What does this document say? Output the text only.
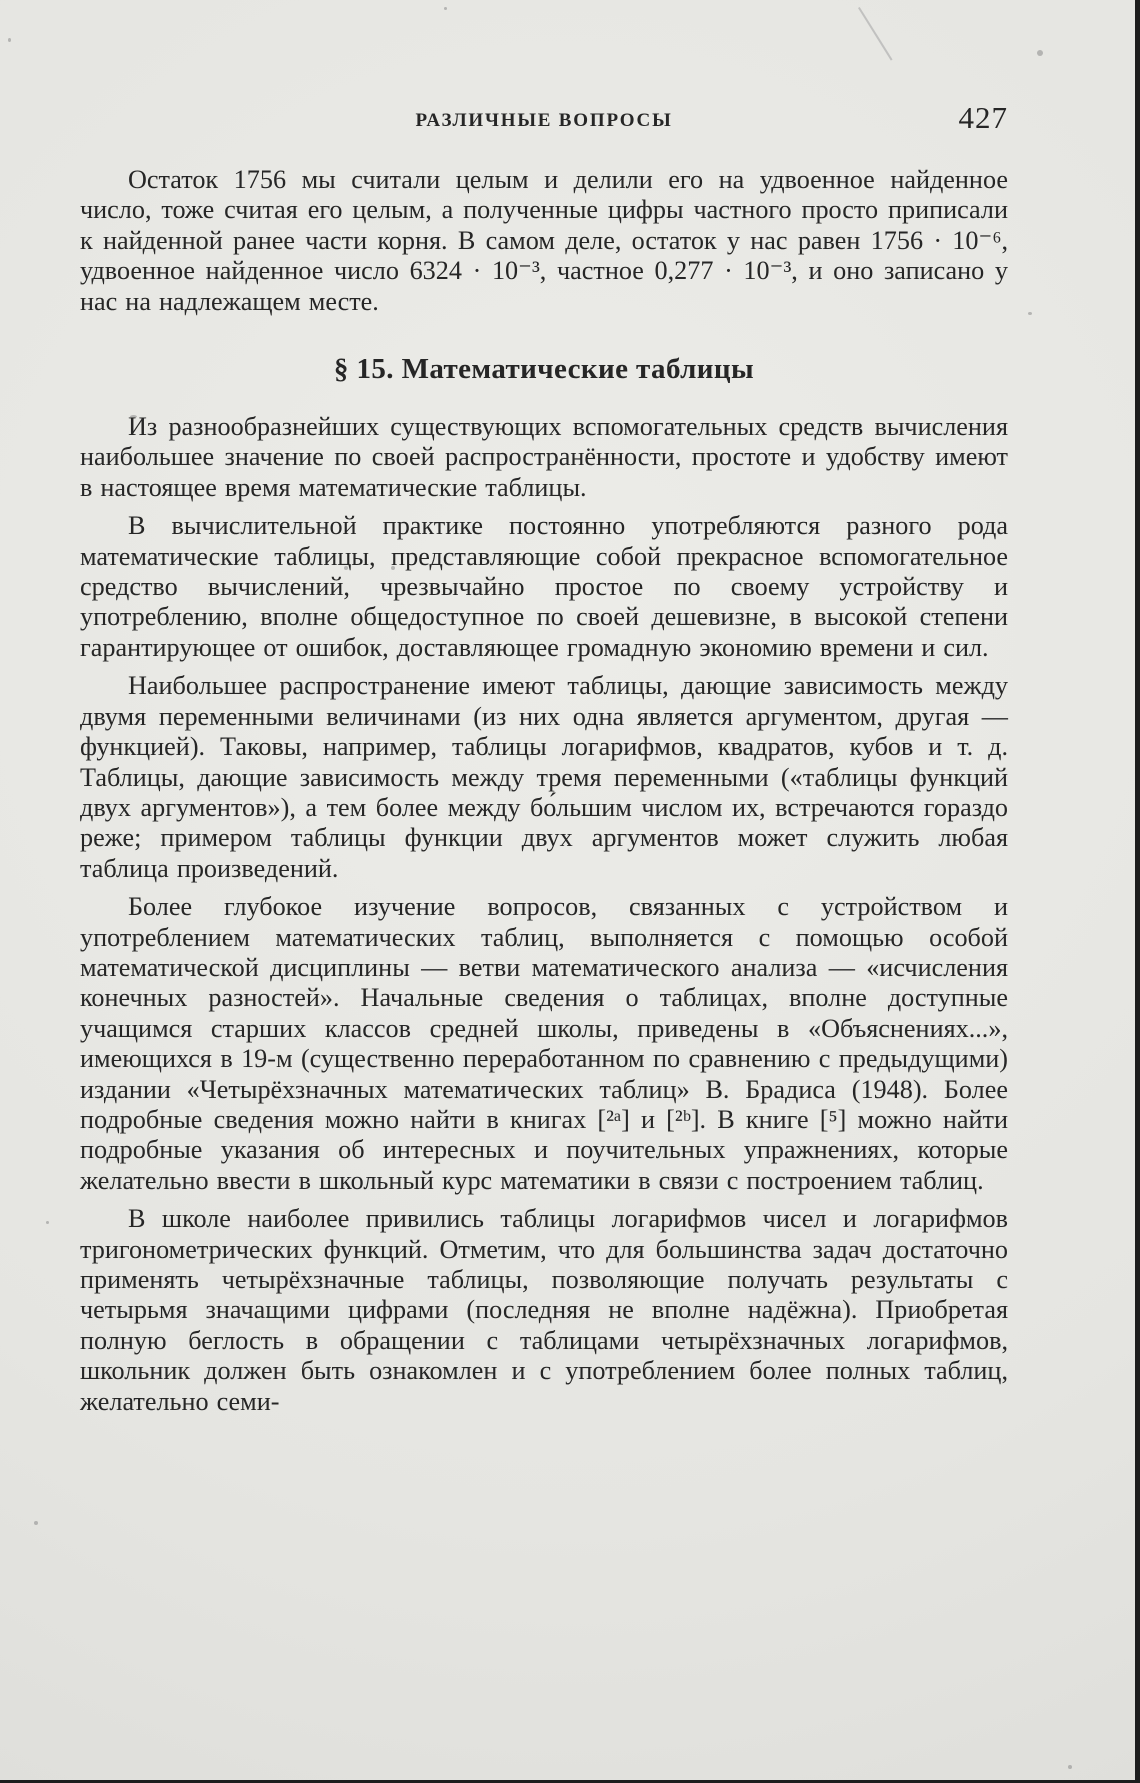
РАЗЛИЧНЫЕ ВОПРОСЫ	427

Остаток 1756 мы считали целым и делили его на удвоенное найденное число, тоже считая его целым, а полученные цифры частного просто приписали к найденной ранее части корня. В самом деле, остаток у нас равен 1756 · 10⁻⁶, удвоенное найденное число 6324 · 10⁻³, частное 0,277 · 10⁻³, и оно записано у нас на надлежащем месте.

§ 15. Математические таблицы

Из разнообразнейших существующих вспомогательных средств вычисления наибольшее значение по своей распространённости, простоте и удобству имеют в настоящее время математические таблицы.

В вычислительной практике постоянно употребляются разного рода математические таблицы, представляющие собой прекрасное вспомогательное средство вычислений, чрезвычайно простое по своему устройству и употреблению, вполне общедоступное по своей дешевизне, в высокой степени гарантирующее от ошибок, доставляющее громадную экономию времени и сил.

Наибольшее распространение имеют таблицы, дающие зависимость между двумя переменными величинами (из них одна является аргументом, другая — функцией). Таковы, например, таблицы логарифмов, квадратов, кубов и т. д. Таблицы, дающие зависимость между тремя переменными («таблицы функций двух аргументов»), а тем более между бо́льшим числом их, встречаются гораздо реже; примером таблицы функции двух аргументов может служить любая таблица произведений.

Более глубокое изучение вопросов, связанных с устройством и употреблением математических таблиц, выполняется с помощью особой математической дисциплины — ветви математического анализа — «исчисления конечных разностей». Начальные сведения о таблицах, вполне доступные учащимся старших классов средней школы, приведены в «Объяснениях...», имеющихся в 19-м (существенно переработанном по сравнению с предыдущими) издании «Четырёхзначных математических таблиц» В. Брадиса (1948). Более подробные сведения можно найти в книгах [²ᵃ] и [²ᵇ]. В книге [⁵] можно найти подробные указания об интересных и поучительных упражнениях, которые желательно ввести в школьный курс математики в связи с построением таблиц.

В школе наиболее привились таблицы логарифмов чисел и логарифмов тригонометрических функций. Отметим, что для большинства задач достаточно применять четырёхзначные таблицы, позволяющие получать результаты с четырьмя значащими цифрами (последняя не вполне надёжна). Приобретая полную беглость в обращении с таблицами четырёхзначных логарифмов, школьник должен быть ознакомлен и с употреблением более полных таблиц, желательно семи-
